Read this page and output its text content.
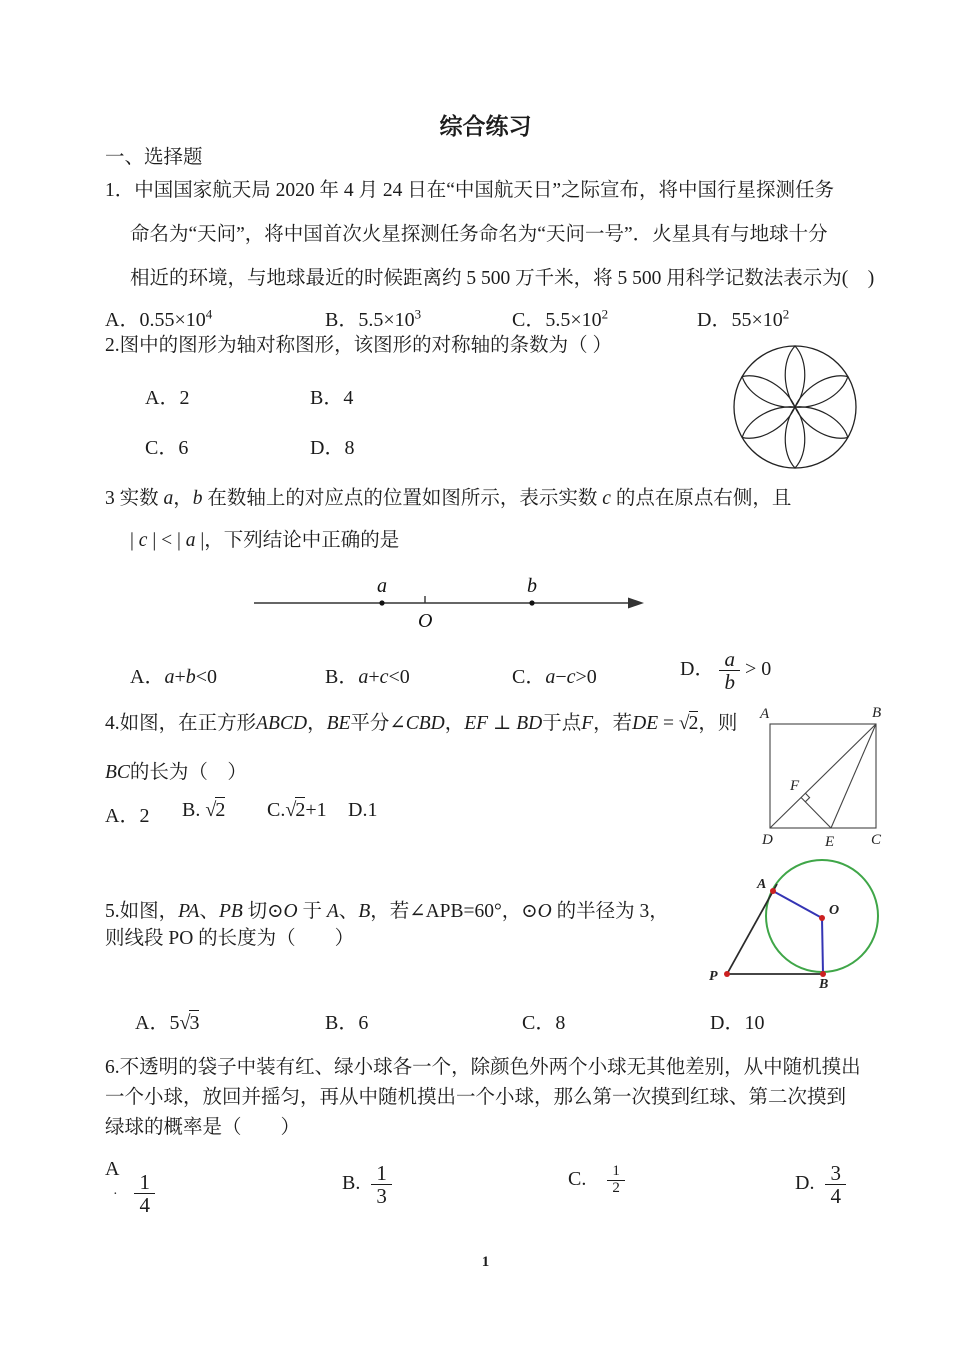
综合练习
一、选择题
1．中国国家航天局 2020 年 4 月 24 日在“中国航天日”之际宣布，将中国行星探测任务
命名为“天问”，将中国首次火星探测任务命名为“天问一号”．火星具有与地球十分
相近的环境，与地球最近的时候距离约 5 500 万千米，将 5 500 用科学记数法表示为(　)
A．$0.55\times 10^4$	B．$5.5\times 10^3$	C．$5.5\times 10^2$	D．$55\times 10^2$
2.图中的图形为轴对称图形，该图形的对称轴的条数为（ ）
A．2	B．4
C．6	D．8
3 实数 a，b 在数轴上的对应点的位置如图所示，表示实数 c 的点在原点右侧，且
| c | < | a |，下列结论中正确的是
a	b
O
A．a+b<0	B．a+c<0	C．a−c>0	D． $\frac{a}{b} > 0$
4.如图，在正方形ABCD，BE平分∠CBD，EF ⊥ BD于点F，若DE = √2，则
BC的长为（　）
A．2 B. √2 C.√2+1 D.1
A	B
C
D	E
F
5.如图，PA、PB 切⊙O 于 A、B，若∠APB=60°，⊙O 的半径为 3，
则线段 PO 的长度为（　　）
A．5√3	B．6	C．8	D．10
A
O
B
P
6.不透明的袋子中装有红、绿小球各一个，除颜色外两个小球无其他差别，从中随机摸出
一个小球，放回并摇匀，再从中随机摸出一个小球，那么第一次摸到红球、第二次摸到
绿球的概率是（　　）
A
· $\frac{1}{4}$	B. $\frac{1}{3}$	C. $\frac{1}{2}$	D. $\frac{3}{4}$
1
